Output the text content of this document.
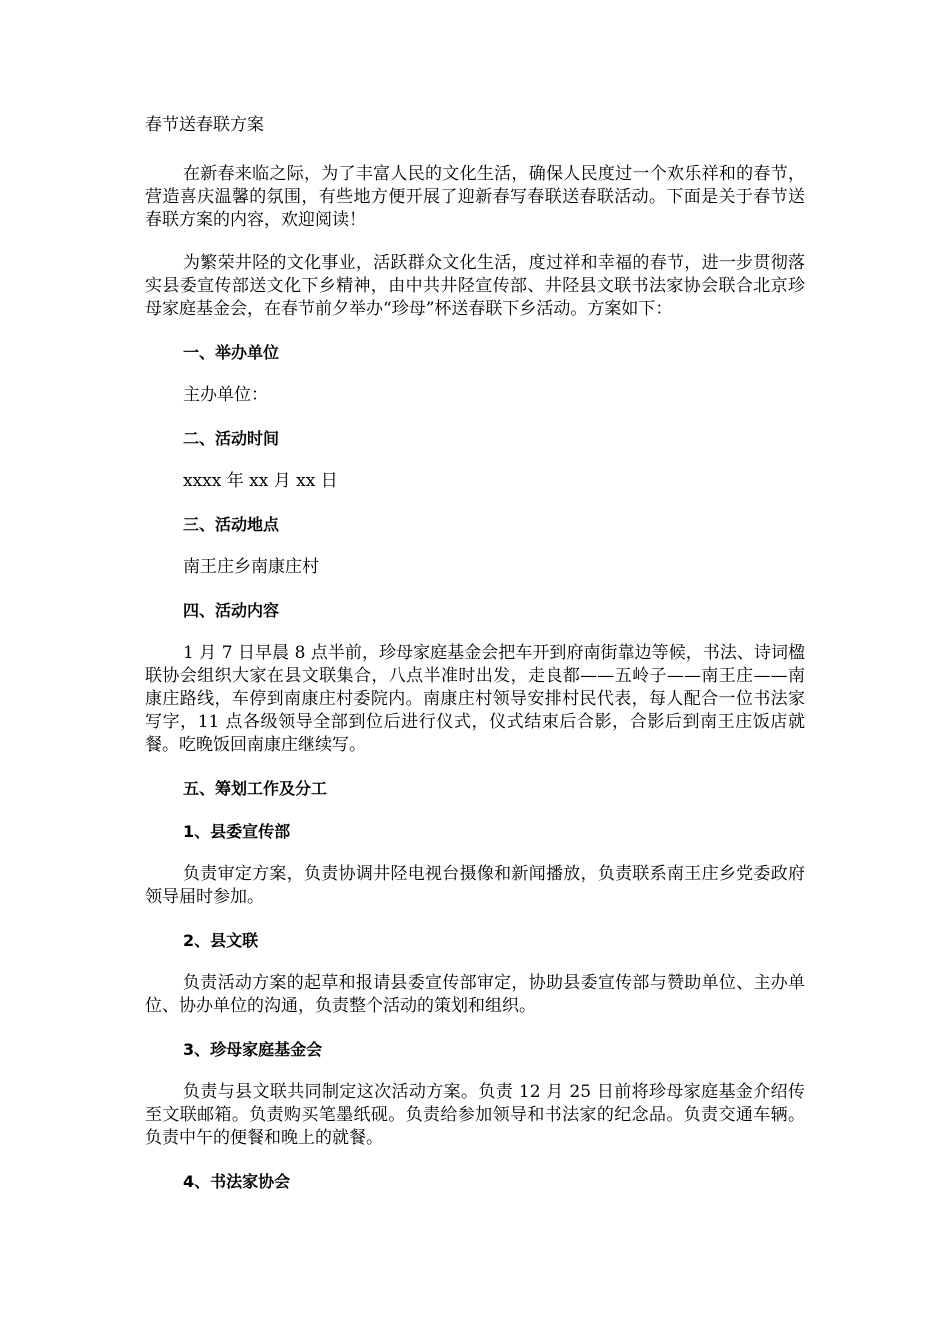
春节送春联方案

在新春来临之际，为了丰富人民的文化生活，确保人民度过一个欢乐祥和的春节，营造喜庆温馨的氛围，有些地方便开展了迎新春写春联送春联活动。下面是关于春节送春联方案的内容，欢迎阅读！

为繁荣井陉的文化事业，活跃群众文化生活，度过祥和幸福的春节，进一步贯彻落实县委宣传部送文化下乡精神，由中共井陉宣传部、井陉县文联书法家协会联合北京珍母家庭基金会，在春节前夕举办“珍母”杯送春联下乡活动。方案如下：

一、举办单位

主办单位：

二、活动时间

xxxx 年 xx 月 xx 日

三、活动地点

南王庄乡南康庄村

四、活动内容

1 月 7 日早晨 8 点半前，珍母家庭基金会把车开到府南街靠边等候，书法、诗词楹联协会组织大家在县文联集合，八点半准时出发，走良都——五岭子——南王庄——南康庄路线，车停到南康庄村委院内。南康庄村领导安排村民代表，每人配合一位书法家写字，11 点各级领导全部到位后进行仪式，仪式结束后合影，合影后到南王庄饭店就餐。吃晚饭回南康庄继续写。

五、筹划工作及分工

1、县委宣传部

负责审定方案，负责协调井陉电视台摄像和新闻播放，负责联系南王庄乡党委政府领导届时参加。

2、县文联

负责活动方案的起草和报请县委宣传部审定，协助县委宣传部与赞助单位、主办单位、协办单位的沟通，负责整个活动的策划和组织。

3、珍母家庭基金会

负责与县文联共同制定这次活动方案。负责 12 月 25 日前将珍母家庭基金介绍传至文联邮箱。负责购买笔墨纸砚。负责给参加领导和书法家的纪念品。负责交通车辆。负责中午的便餐和晚上的就餐。

4、书法家协会
